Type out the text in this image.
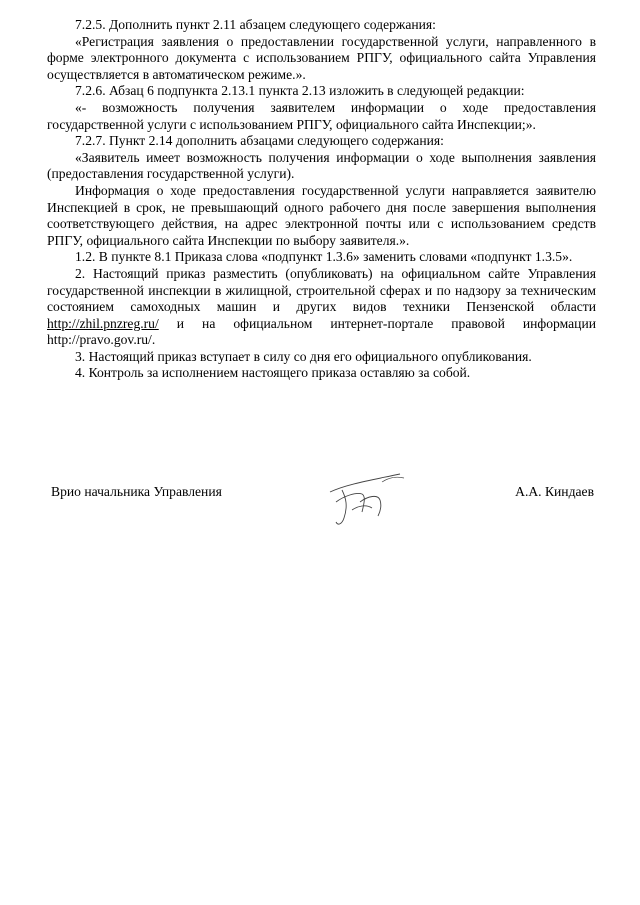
7.2.5. Дополнить пункт 2.11 абзацем следующего содержания:

«Регистрация заявления о предоставлении государственной услуги, направленного в форме электронного документа с использованием РПГУ, официального сайта Управления осуществляется в автоматическом режиме.».

7.2.6. Абзац 6 подпункта 2.13.1 пункта 2.13 изложить в следующей редакции:

«- возможность получения заявителем информации о ходе предоставления государственной услуги с использованием РПГУ, официального сайта Инспекции;».

7.2.7. Пункт 2.14 дополнить абзацами следующего содержания:

«Заявитель имеет возможность получения информации о ходе выполнения заявления (предоставления государственной услуги).

Информация о ходе предоставления государственной услуги направляется заявителю Инспекцией в срок, не превышающий одного рабочего дня после завершения выполнения соответствующего действия, на адрес электронной почты или с использованием средств РПГУ, официального сайта Инспекции по выбору заявителя.».

1.2. В пункте 8.1 Приказа слова «подпункт 1.3.6» заменить словами «подпункт 1.3.5».

2. Настоящий приказ разместить (опубликовать) на официальном сайте Управления государственной инспекции в жилищной, строительной сферах и по надзору за техническим состоянием самоходных машин и других видов техники Пензенской области http://zhil.pnzreg.ru/ и на официальном интернет-портале правовой информации http://pravo.gov.ru/.

3. Настоящий приказ вступает в силу со дня его официального опубликования.

4. Контроль за исполнением настоящего приказа оставляю за собой.

Врио начальника Управления	А.А. Киндаев
